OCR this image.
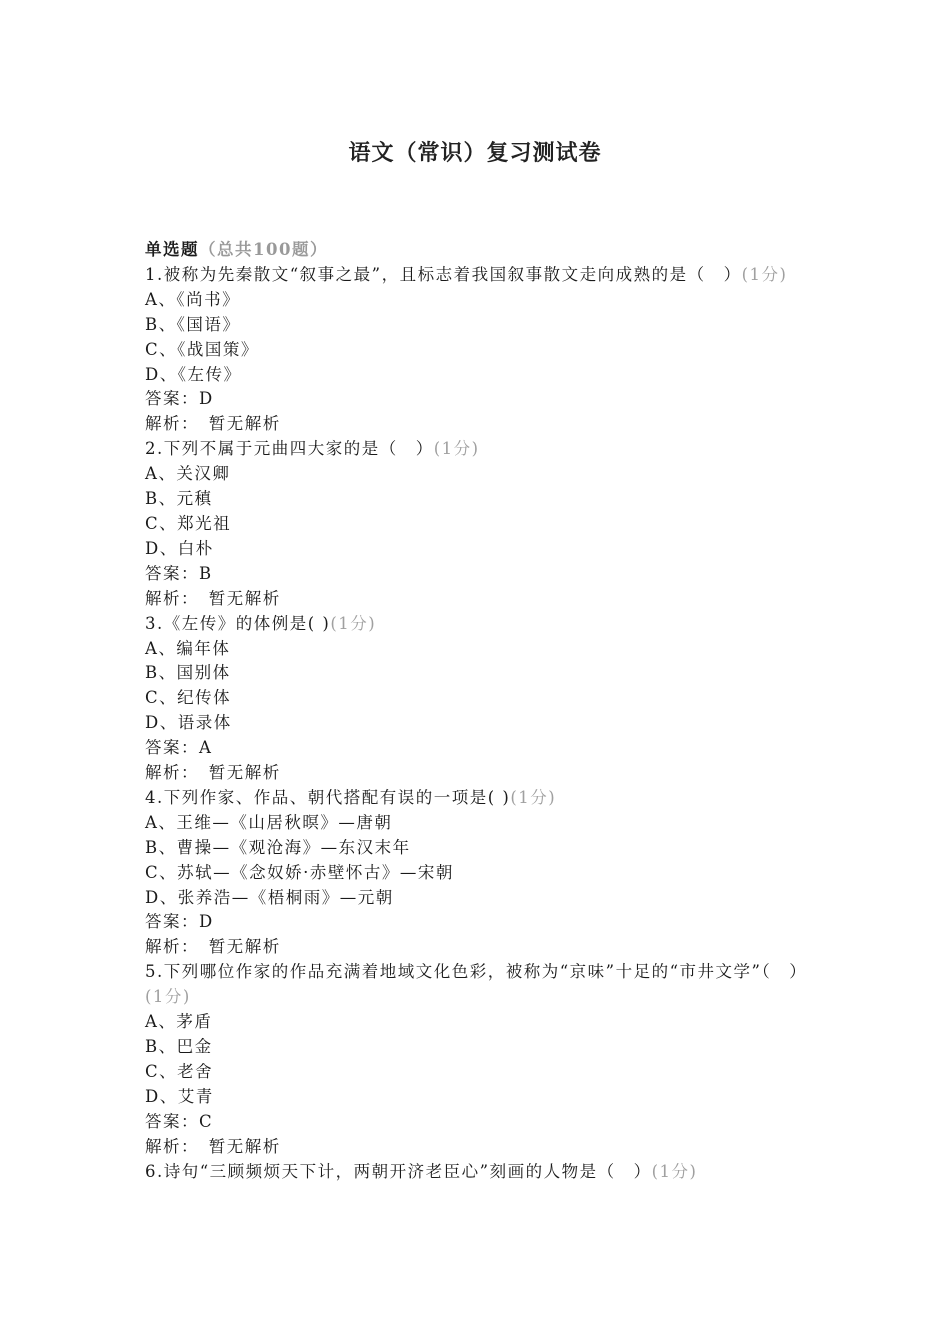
语文（常识）复习测试卷
单选题（总共100题）
1.被称为先秦散文“叙事之最”，且标志着我国叙事散文走向成熟的是（　）(1分)
A、《尚书》
B、《国语》
C、《战国策》
D、《左传》
答案：D
解析：　暂无解析
2.下列不属于元曲四大家的是（　）(1分)
A、关汉卿
B、元稹
C、郑光祖
D、白朴
答案：B
解析：　暂无解析
3.《左传》的体例是( )(1分)
A、编年体
B、国别体
C、纪传体
D、语录体
答案：A
解析：　暂无解析
4.下列作家、作品、朝代搭配有误的一项是( )(1分)
A、王维—《山居秋暝》—唐朝
B、曹操—《观沧海》—东汉末年
C、苏轼—《念奴娇·赤壁怀古》—宋朝
D、张养浩—《梧桐雨》—元朝
答案：D
解析：　暂无解析
5.下列哪位作家的作品充满着地域文化色彩，被称为“京味”十足的“市井文学”（　）(1分)
A、茅盾
B、巴金
C、老舍
D、艾青
答案：C
解析：　暂无解析
6.诗句“三顾频烦天下计，两朝开济老臣心”刻画的人物是（　）(1分)
